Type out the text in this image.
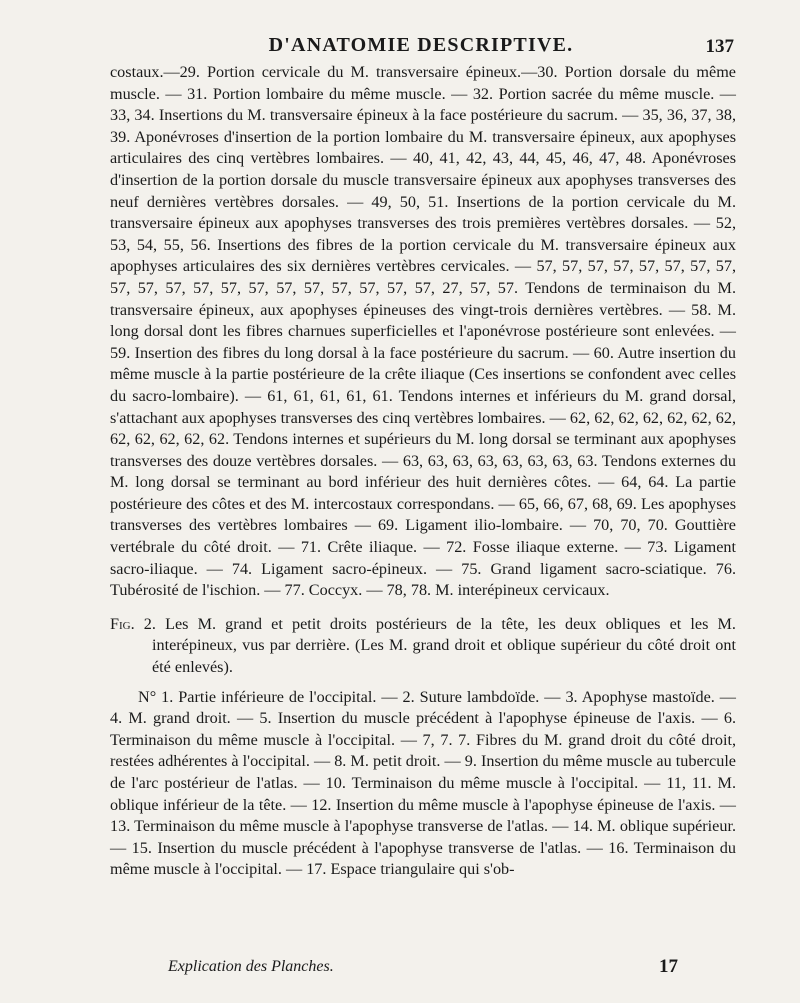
D'ANATOMIE DESCRIPTIVE.	137

costaux.—29. Portion cervicale du M. transversaire épineux.—30. Portion dorsale du même muscle. — 31. Portion lombaire du même muscle. — 32. Portion sacrée du même muscle. — 33, 34. Insertions du M. transversaire épineux à la face postérieure du sacrum. — 35, 36, 37, 38, 39. Aponévroses d'insertion de la portion lombaire du M. transversaire épineux, aux apophyses articulaires des cinq vertèbres lombaires. — 40, 41, 42, 43, 44, 45, 46, 47, 48. Aponévroses d'insertion de la portion dorsale du muscle transversaire épineux aux apophyses transverses des neuf dernières vertèbres dorsales. — 49, 50, 51. Insertions de la portion cervicale du M. transversaire épineux aux apophyses transverses des trois premières vertèbres dorsales. — 52, 53, 54, 55, 56. Insertions des fibres de la portion cervicale du M. transversaire épineux aux apophyses articulaires des six dernières vertèbres cervicales. — 57, 57, 57, 57, 57, 57, 57, 57, 57, 57, 57, 57, 57, 57, 57, 57, 57, 57, 57, 57, 27, 57, 57. Tendons de terminaison du M. transversaire épineux, aux apophyses épineuses des vingt-trois dernières vertèbres. — 58. M. long dorsal dont les fibres charnues superficielles et l'aponévrose postérieure sont enlevées. — 59. Insertion des fibres du long dorsal à la face postérieure du sacrum. — 60. Autre insertion du même muscle à la partie postérieure de la crête iliaque (Ces insertions se confondent avec celles du sacro-lombaire). — 61, 61, 61, 61, 61. Tendons internes et inférieurs du M. grand dorsal, s'attachant aux apophyses transverses des cinq vertèbres lombaires. — 62, 62, 62, 62, 62, 62, 62, 62, 62, 62, 62, 62. Tendons internes et supérieurs du M. long dorsal se terminant aux apophyses transverses des douze vertèbres dorsales. — 63, 63, 63, 63, 63, 63, 63, 63. Tendons externes du M. long dorsal se terminant au bord inférieur des huit dernières côtes. — 64, 64. La partie postérieure des côtes et des M. intercostaux correspondans. — 65, 66, 67, 68, 69. Les apophyses transverses des vertèbres lombaires — 69. Ligament ilio-lombaire. — 70, 70, 70. Gouttière vertébrale du côté droit. — 71. Crête iliaque. — 72. Fosse iliaque externe. — 73. Ligament sacro-iliaque. — 74. Ligament sacro-épineux. — 75. Grand ligament sacro-sciatique. 76. Tubérosité de l'ischion. — 77. Coccyx. — 78, 78. M. interépineux cervicaux.

Fig. 2. Les M. grand et petit droits postérieurs de la tête, les deux obliques et les M. interépineux, vus par derrière. (Les M. grand droit et oblique supérieur du côté droit ont été enlevés).

N° 1. Partie inférieure de l'occipital. — 2. Suture lambdoïde. — 3. Apophyse mastoïde. — 4. M. grand droit. — 5. Insertion du muscle précédent à l'apophyse épineuse de l'axis. — 6. Terminaison du même muscle à l'occipital. — 7, 7. 7. Fibres du M. grand droit du côté droit, restées adhérentes à l'occipital. — 8. M. petit droit. — 9. Insertion du même muscle au tubercule de l'arc postérieur de l'atlas. — 10. Terminaison du même muscle à l'occipital. — 11, 11. M. oblique inférieur de la tête. — 12. Insertion du même muscle à l'apophyse épineuse de l'axis. — 13. Terminaison du même muscle à l'apophyse transverse de l'atlas. — 14. M. oblique supérieur. — 15. Insertion du muscle précédent à l'apophyse transverse de l'atlas. — 16. Terminaison du même muscle à l'occipital. — 17. Espace triangulaire qui s'ob-

Explication des Planches.	17
